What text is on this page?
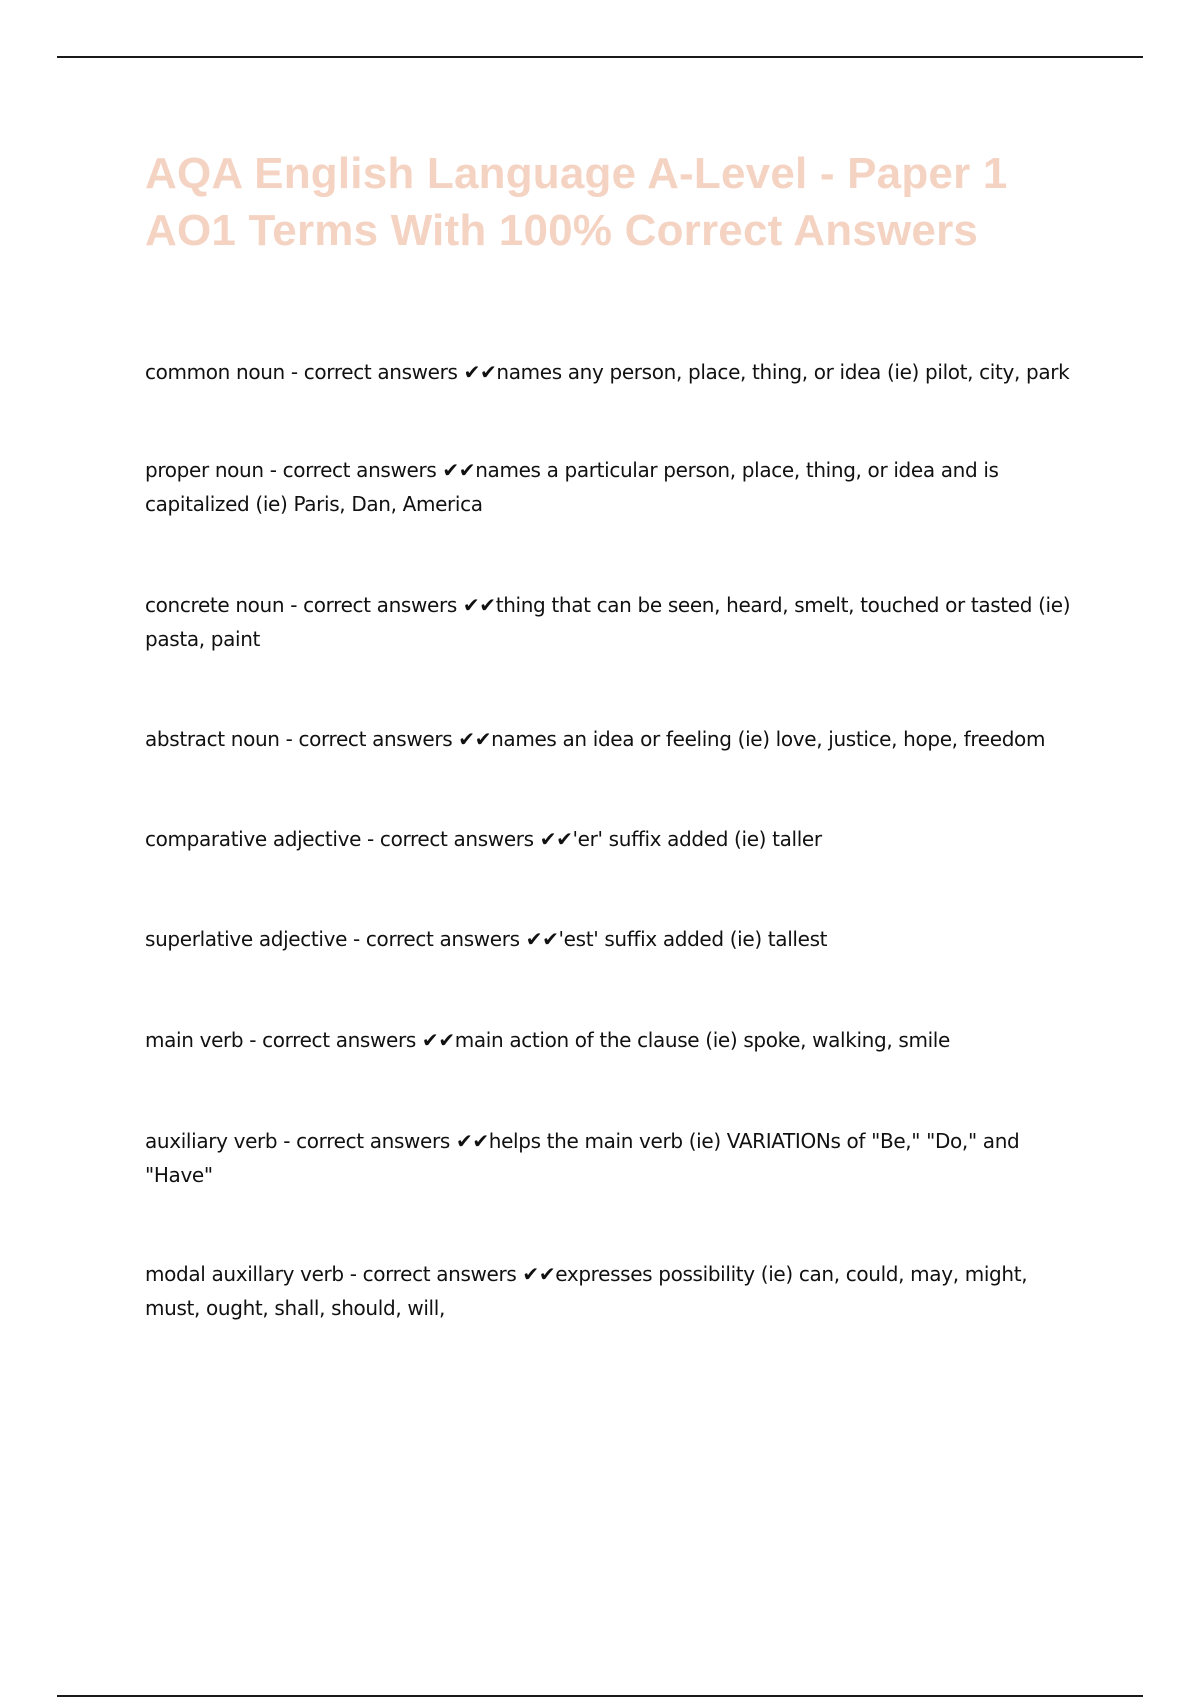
AQA English Language A-Level - Paper 1
AO1 Terms With 100% Correct Answers

common noun - correct answers ✔✔names any person, place, thing, or idea (ie) pilot, city, park

proper noun - correct answers ✔✔names a particular person, place, thing, or idea and is
capitalized (ie) Paris, Dan, America

concrete noun - correct answers ✔✔thing that can be seen, heard, smelt, touched or tasted (ie)
pasta, paint

abstract noun - correct answers ✔✔names an idea or feeling (ie) love, justice, hope, freedom

comparative adjective - correct answers ✔✔'er' suffix added (ie) taller

superlative adjective - correct answers ✔✔'est' suffix added (ie) tallest

main verb - correct answers ✔✔main action of the clause (ie) spoke, walking, smile

auxiliary verb - correct answers ✔✔helps the main verb (ie) VARIATIONs of "Be," "Do," and
"Have"

modal auxillary verb - correct answers ✔✔expresses possibility (ie) can, could, may, might,
must, ought, shall, should, will,
